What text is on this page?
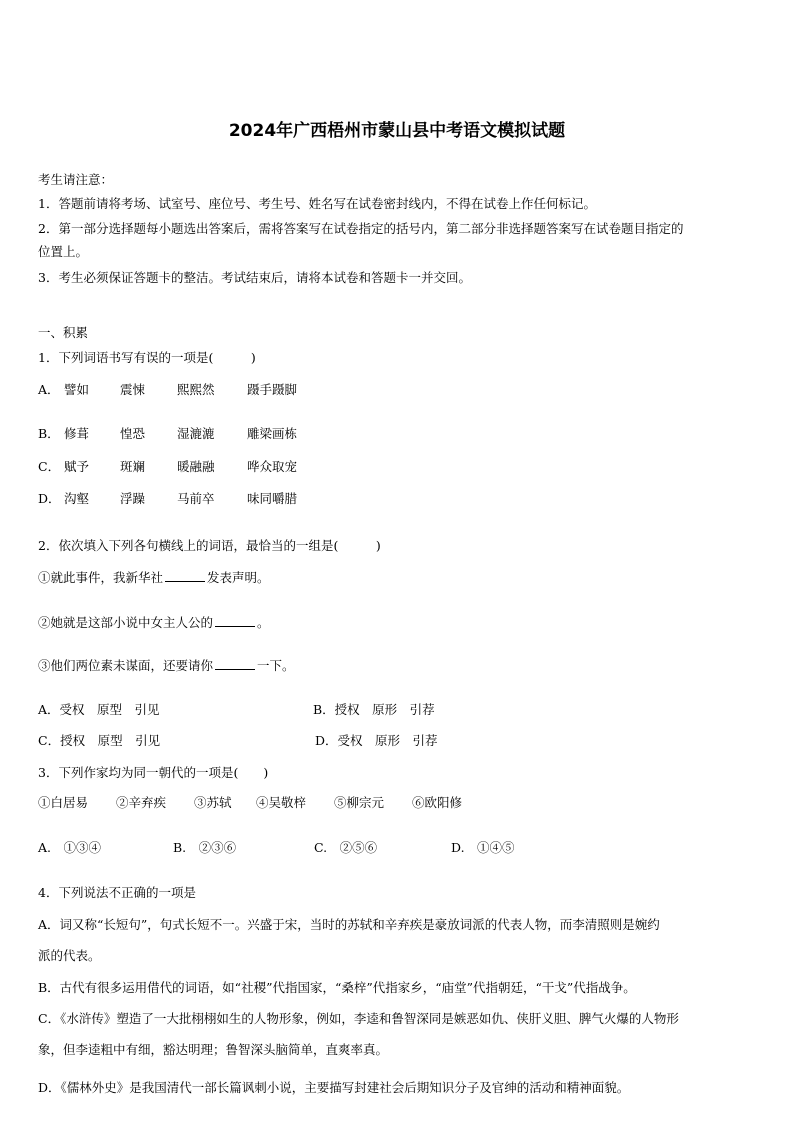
2024年广西梧州市蒙山县中考语文模拟试题
考生请注意：
1．答题前请将考场、试室号、座位号、考生号、姓名写在试卷密封线内，不得在试卷上作任何标记。
2．第一部分选择题每小题选出答案后，需将答案写在试卷指定的括号内，第二部分非选择题答案写在试卷题目指定的
位置上。
3．考生必须保证答题卡的整洁。考试结束后，请将本试卷和答题卡一并交回。
一、积累
1．下列词语书写有误的一项是(　　　)
A． 譬如 震悚	熙熙然	蹑手蹑脚
B． 修葺 惶恐	湿漉漉	雕梁画栋
C． 赋予 斑斓	暖融融	哗众取宠
D． 沟壑 浮躁	马前卒	味同嚼腊
2．依次填入下列各句横线上的词语，最恰当的一组是(　　　)
①就此事件，我新华社	发表声明。
②她就是这部小说中女主人公的	。
③他们两位素未谋面，还要请你	一下。
A．受权　原型　引见	B．授权　原形　引荐
C．授权　原型　引见	D．受权　原形　引荐
3．下列作家均为同一朝代的一项是(　　)
①白居易 ②辛弃疾 ③苏轼 ④吴敬梓 ⑤柳宗元 ⑥欧阳修
A.　①③④	B.　②③⑥	C.　②⑤⑥	D.　①④⑤
4．下列说法不正确的一项是
A．词又称“长短句”，句式长短不一。兴盛于宋，当时的苏轼和辛弃疾是豪放词派的代表人物，而李清照则是婉约
派的代表。
B．古代有很多运用借代的词语，如“社稷”代指国家，“桑梓”代指家乡，“庙堂”代指朝廷，“干戈”代指战争。
C．《水浒传》塑造了一大批栩栩如生的人物形象，例如，李逵和鲁智深同是嫉恶如仇、侠肝义胆、脾气火爆的人物形
象，但李逵粗中有细，豁达明理；鲁智深头脑简单，直爽率真。
D．《儒林外史》是我国清代一部长篇讽刺小说，主要描写封建社会后期知识分子及官绅的活动和精神面貌。
